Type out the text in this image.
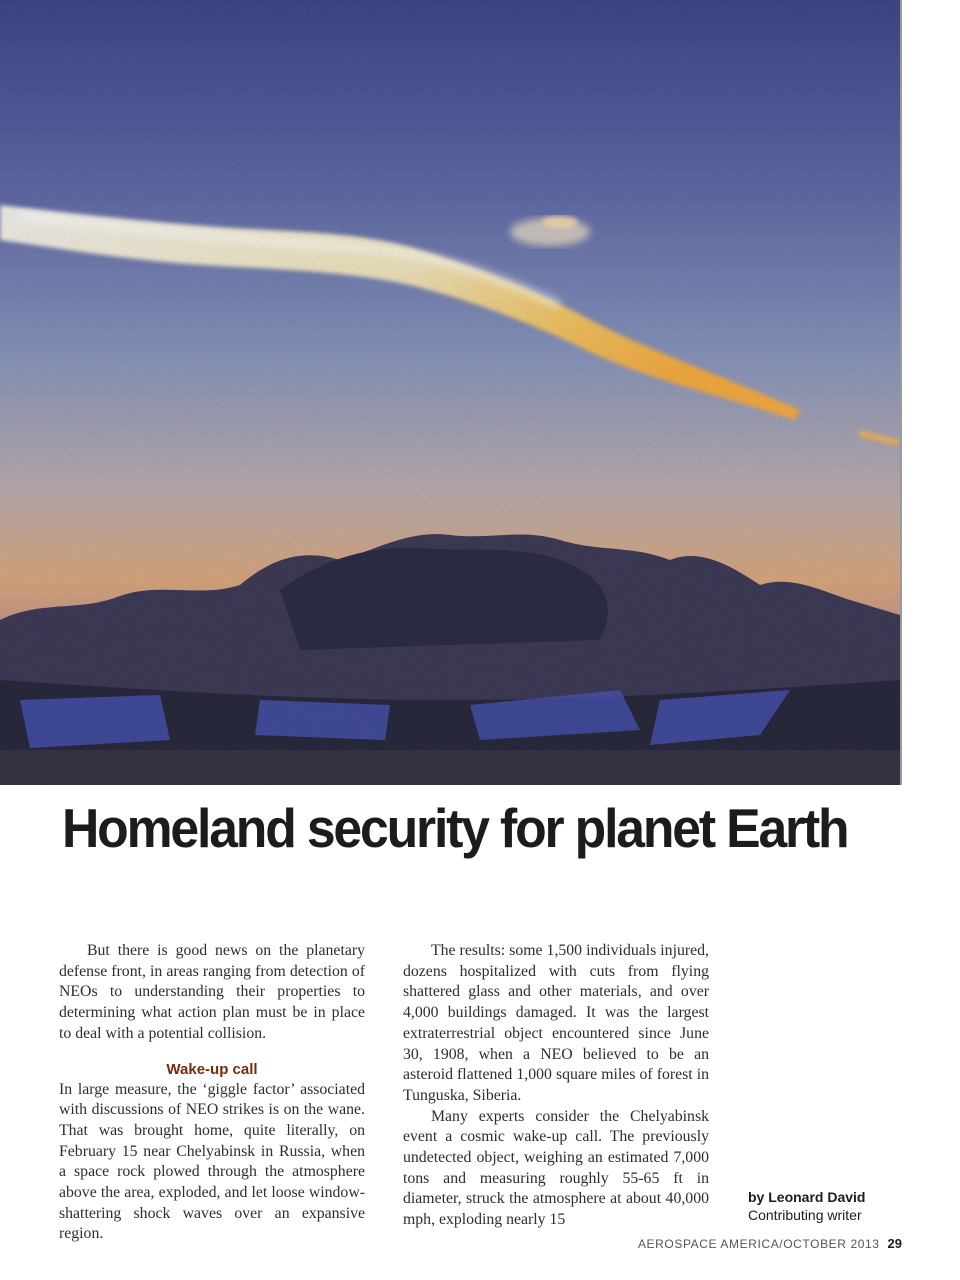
Homeland security for planet Earth

But there is good news on the planetary defense front, in areas ranging from detection of NEOs to understanding their properties to determining what action plan must be in place to deal with a potential collision.

Wake-up call

In large measure, the ‘giggle factor’ associated with discussions of NEO strikes is on the wane. That was brought home, quite literally, on February 15 near Chelyabinsk in Russia, when a space rock plowed through the atmosphere above the area, exploded, and let loose window-shattering shock waves over an expansive region.

The results: some 1,500 individuals injured, dozens hospitalized with cuts from flying shattered glass and other materials, and over 4,000 buildings damaged. It was the largest extraterrestrial object encountered since June 30, 1908, when a NEO believed to be an asteroid flattened 1,000 square miles of forest in Tunguska, Siberia.

Many experts consider the Chelyabinsk event a cosmic wake-up call. The previously undetected object, weighing an estimated 7,000 tons and measuring roughly 55-65 ft in diameter, struck the atmosphere at about 40,000 mph, exploding nearly 15

by Leonard David
Contributing writer
AEROSPACE AMERICA/OCTOBER 2013 29
